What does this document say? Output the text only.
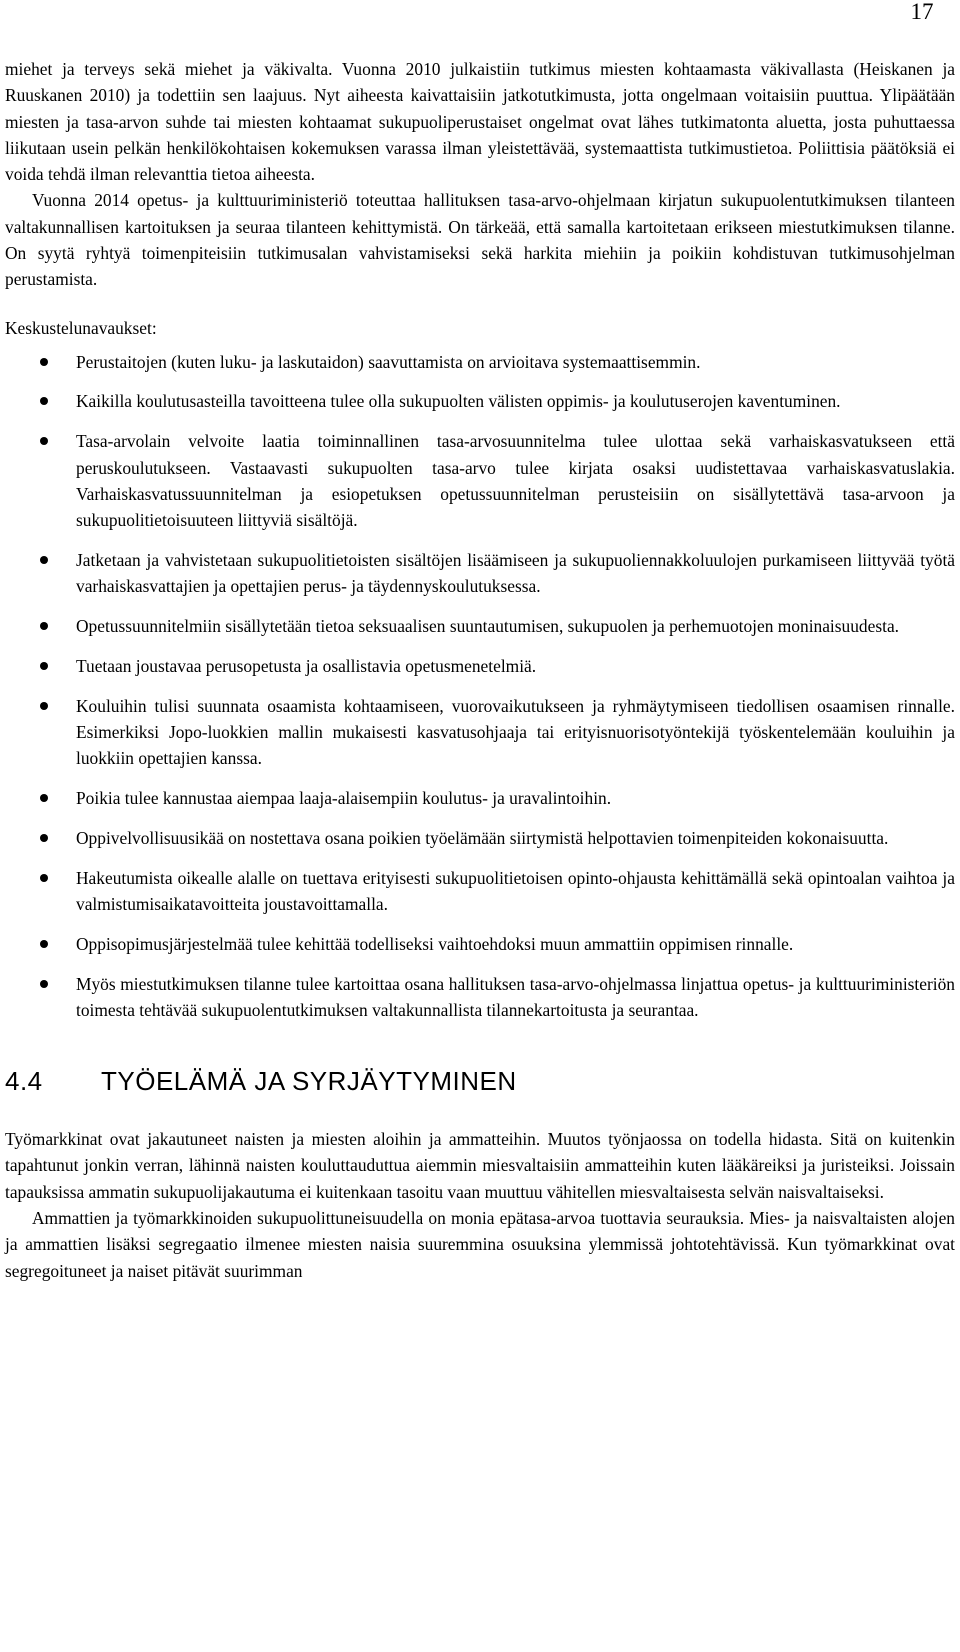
17

miehet ja terveys sekä miehet ja väkivalta. Vuonna 2010 julkaistiin tutkimus miesten kohtaamasta väkivallasta (Heiskanen ja Ruuskanen 2010) ja todettiin sen laajuus. Nyt aiheesta kaivattaisiin jatkotutkimusta, jotta ongelmaan voitaisiin puuttua. Ylipäätään miesten ja tasa-arvon suhde tai miesten kohtaamat sukupuoliperustaiset ongelmat ovat lähes tutkimatonta aluetta, josta puhuttaessa liikutaan usein pelkän henkilökohtaisen kokemuksen varassa ilman yleistettävää, systemaattista tutkimustietoa. Poliittisia päätöksiä ei voida tehdä ilman relevanttia tietoa aiheesta.

Vuonna 2014 opetus- ja kulttuuriministeriö toteuttaa hallituksen tasa-arvo-ohjelmaan kirjatun sukupuolentutkimuksen tilanteen valtakunnallisen kartoituksen ja seuraa tilanteen kehittymistä. On tärkeää, että samalla kartoitetaan erikseen miestutkimuksen tilanne. On syytä ryhtyä toimenpiteisiin tutkimusalan vahvistamiseksi sekä harkita miehiin ja poikiin kohdistuvan tutkimusohjelman perustamista.

Keskustelunavaukset:

Perustaitojen (kuten luku- ja laskutaidon) saavuttamista on arvioitava systemaattisemmin.
Kaikilla koulutusasteilla tavoitteena tulee olla sukupuolten välisten oppimis- ja koulutuserojen kaventuminen.
Tasa-arvolain velvoite laatia toiminnallinen tasa-arvosuunnitelma tulee ulottaa sekä varhaiskasvatukseen että peruskoulutukseen. Vastaavasti sukupuolten tasa-arvo tulee kirjata osaksi uudistettavaa varhaiskasvatuslakia. Varhaiskasvatussuunnitelman ja esiopetuksen opetussuunnitelman perusteisiin on sisällytettävä tasa-arvoon ja sukupuolitietoisuuteen liittyviä sisältöjä.
Jatketaan ja vahvistetaan sukupuolitietoisten sisältöjen lisäämiseen ja sukupuoliennakkoluulojen purkamiseen liittyvää työtä varhaiskasvattajien ja opettajien perus- ja täydennyskoulutuksessa.
Opetussuunnitelmiin sisällytetään tietoa seksuaalisen suuntautumisen, sukupuolen ja perhemuotojen moninaisuudesta.
Tuetaan joustavaa perusopetusta ja osallistavia opetusmenetelmiä.
Kouluihin tulisi suunnata osaamista kohtaamiseen, vuorovaikutukseen ja ryhmäytymiseen tiedollisen osaamisen rinnalle. Esimerkiksi Jopo-luokkien mallin mukaisesti kasvatusohjaaja tai erityisnuorisotyöntekijä työskentelemään kouluihin ja luokkiin opettajien kanssa.
Poikia tulee kannustaa aiempaa laaja-alaisempiin koulutus- ja uravalintoihin.
Oppivelvollisuusikää on nostettava osana poikien työelämään siirtymistä helpottavien toimenpiteiden kokonaisuutta.
Hakeutumista oikealle alalle on tuettava erityisesti sukupuolitietoisen opinto-ohjausta kehittämällä sekä opintoalan vaihtoa ja valmistumisaikatavoitteita joustavoittamalla.
Oppisopimusjärjestelmää tulee kehittää todelliseksi vaihtoehdoksi muun ammattiin oppimisen rinnalle.
Myös miestutkimuksen tilanne tulee kartoittaa osana hallituksen tasa-arvo-ohjelmassa linjattua opetus- ja kulttuuriministeriön toimesta tehtävää sukupuolentutkimuksen valtakunnallista tilannekartoitusta ja seurantaa.
4.4 TYÖELÄMÄ JA SYRJÄYTYMINEN

Työmarkkinat ovat jakautuneet naisten ja miesten aloihin ja ammatteihin. Muutos työnjaossa on todella hidasta. Sitä on kuitenkin tapahtunut jonkin verran, lähinnä naisten kouluttauduttua aiemmin miesvaltaisiin ammatteihin kuten lääkäreiksi ja juristeiksi. Joissain tapauksissa ammatin sukupuolijakautuma ei kuitenkaan tasoitu vaan muuttuu vähitellen miesvaltaisesta selvän naisvaltaiseksi.

Ammattien ja työmarkkinoiden sukupuolittuneisuudella on monia epätasa-arvoa tuottavia seurauksia. Mies- ja naisvaltaisten alojen ja ammattien lisäksi segregaatio ilmenee miesten naisia suuremmina osuuksina ylemmissä johtotehtävissä. Kun työmarkkinat ovat segregoituneet ja naiset pitävät suurimman
